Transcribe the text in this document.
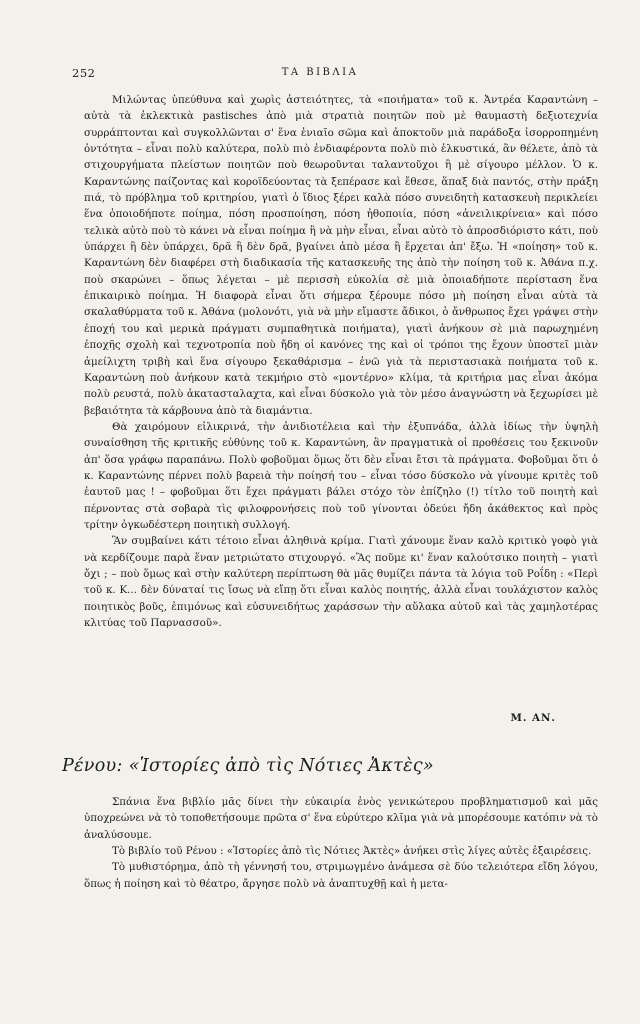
252	ΤΑ ΒΙΒΛΙΑ

Μιλώντας ὑπεύθυνα καὶ χωρὶς ἀστειότητες, τὰ «ποιήματα» τοῦ κ. Ἀντρέα Καραντώνη – αὐτὰ τὰ ἐκλεκτικὰ pastisches ἀπὸ μιὰ στρατιὰ ποιητῶν ποὺ μὲ θαυμαστὴ δεξιοτεχνία συρράπτονται καὶ συγκολλῶνται σ' ἕνα ἑνιαῖο σῶμα καὶ ἀποκτοῦν μιὰ παράδοξα ἰσορροπημένη ὀντότητα – εἶναι πολὺ καλύτερα, πολὺ πιὸ ἐνδιαφέροντα πολὺ πιὸ ἑλκυστικά, ἂν θέλετε, ἀπὸ τὰ στιχουργήματα πλείστων ποιητῶν ποὺ θεωροῦνται ταλαντοῦχοι ἢ μὲ σίγουρο μέλλον. Ὁ κ. Καραντώνης παίζοντας καὶ κοροϊδεύοντας τὰ ξεπέρασε καὶ ἔθεσε, ἅπαξ διὰ παντός, στὴν πράξη πιά, τὸ πρόβλημα τοῦ κριτηρίου, γιατὶ ὁ ἴδιος ξέρει καλὰ πόσο συνειδητὴ κατασκευὴ περικλείει ἕνα ὁποιοδήποτε ποίημα, πόση προσποίηση, πόση ἠθοποιία, πόση «ἀνειλικρίνεια» καὶ πόσο τελικὰ αὐτὸ ποὺ τὸ κάνει νὰ εἶναι ποίημα ἢ νὰ μὴν εἶναι, εἶναι αὐτὸ τὸ ἀπροσδιόριστο κάτι, ποὺ ὑπάρχει ἢ δὲν ὑπάρχει, δρᾶ ἢ δὲν δρᾶ, βγαίνει ἀπὸ μέσα ἢ ἔρχεται ἀπ' ἔξω. Ἡ «ποίηση» τοῦ κ. Καραντώνη δὲν διαφέρει στὴ διαδικασία τῆς κατασκευῆς της ἀπὸ τὴν ποίηση τοῦ κ. Ἀθάνα π.χ. ποὺ σκαρώνει – ὅπως λέγεται – μὲ περισσὴ εὐκολία σὲ μιὰ ὁποιαδήποτε περίσταση ἕνα ἐπικαιρικὸ ποίημα. Ἡ διαφορὰ εἶναι ὅτι σήμερα ξέρουμε πόσο μὴ ποίηση εἶναι αὐτὰ τὰ σκαλαθύρματα τοῦ κ. Ἀθάνα (μολονότι, γιὰ νὰ μὴν εἴμαστε ἄδικοι, ὁ ἄνθρωπος ἔχει γράψει στὴν ἐποχή του καὶ μερικὰ πράγματι συμπαθητικὰ ποιήματα), γιατὶ ἀνήκουν σὲ μιὰ παρωχημένη ἐποχῆς σχολὴ καὶ τεχνοτροπία ποὺ ἤδη οἱ κανόνες της καὶ οἱ τρόποι της ἔχουν ὑποστεῖ μιὰν ἀμείλιχτη τριβὴ καὶ ἕνα σίγουρο ξεκαθάρισμα – ἐνῶ γιὰ τὰ περιστασιακὰ ποιήματα τοῦ κ. Καραντώνη ποὺ ἀνήκουν κατὰ τεκμήριο στὸ «μοντέρνο» κλίμα, τὰ κριτήρια μας εἶναι ἀκόμα πολὺ ρευστά, πολὺ ἀκατασταλαχτα, καὶ εἶναι δύσκολο γιὰ τὸν μέσο ἀναγνώστη νὰ ξεχωρίσει μὲ βεβαιότητα τὰ κάρβουνα ἀπὸ τὰ διαμάντια.

Θὰ χαιρόμουν εἰλικρινά, τὴν ἀνιδιοτέλεια καὶ τὴν ἐξυπνάδα, ἀλλὰ ἰδίως τὴν ὑψηλὴ συναίσθηση τῆς κριτικῆς εὐθύνης τοῦ κ. Καραντώνη, ἂν πραγματικὰ οἱ προθέσεις του ξεκινοῦν ἀπ' ὅσα γράφω παραπάνω. Πολὺ φοβοῦμαι ὅμως ὅτι δὲν εἶναι ἔτσι τὰ πράγματα. Φοβοῦμαι ὅτι ὁ κ. Καραντώνης πέρνει πολὺ βαρειὰ τὴν ποίησή του – εἶναι τόσο δύσκολο νὰ γίνουμε κριτὲς τοῦ ἑαυτοῦ μας ! – φοβοῦμαι ὅτι ἔχει πράγματι βάλει στόχο τὸν ἐπίζηλο (!) τίτλο τοῦ ποιητὴ καὶ πέρνοντας στὰ σοβαρὰ τὶς φιλοφρονήσεις ποὺ τοῦ γίνονται ὁδεύει ἤδη ἀκάθεκτος καὶ πρὸς τρίτην ὀγκωδέστερη ποιητικὴ συλλογή.

Ἂν συμβαίνει κάτι τέτοιο εἶναι ἀληθινὰ κρίμα. Γιατὶ χάνουμε ἕναν καλὸ κριτικὸ γοφὸ γιὰ νὰ κερδίζουμε παρὰ ἕναν μετριώτατο στιχουργό. «Ἂς ποῦμε κι' ἕναν καλούτσικο ποιητὴ – γιατὶ ὄχι ; – ποὺ ὅμως καὶ στὴν καλύτερη περίπτωση θὰ μᾶς θυμίζει πάντα τὰ λόγια τοῦ Ροΐδη : «Περὶ τοῦ κ. Κ... δὲν δύναταί τις ἴσως νὰ εἴπῃ ὅτι εἶναι καλὸς ποιητής, ἀλλὰ εἶναι τουλάχιστον καλὸς ποιητικὸς βοῦς, ἐπιμόνως καὶ εὐσυνειδήτως χαράσσων τὴν αὔλακα αὐτοῦ καὶ τὰς χαμηλοτέρας κλιτύας τοῦ Παρνασσοῦ».

Μ. ΑΝ.
Ρένου: «Ἱστορίες ἀπὸ τὶς Νότιες Ἀκτὲς»

Σπάνια ἕνα βιβλίο μᾶς δίνει τὴν εὐκαιρία ἑνὸς γενικώτερου προβληματισμοῦ καὶ μᾶς ὑποχρεώνει νὰ τὸ τοποθετήσουμε πρῶτα σ' ἕνα εὐρύτερο κλῖμα γιὰ νὰ μπορέσουμε κατόπιν νὰ τὸ ἀναλύσουμε.

Τὸ βιβλίο τοῦ Ρένου : «Ἱστορίες ἀπὸ τὶς Νότιες Ἀκτὲς» ἀνήκει στὶς λίγες αὐτὲς ἐξαιρέσεις.

Τὸ μυθιστόρημα, ἀπὸ τὴ γέννησή του, στριμωγμένο ἀνάμεσα σὲ δύο τελειότερα εἴδη λόγου, ὅπως ἡ ποίηση καὶ τὸ θέατρο, ἄργησε πολὺ νὰ ἀναπτυχθῇ καὶ ἡ μετα-
